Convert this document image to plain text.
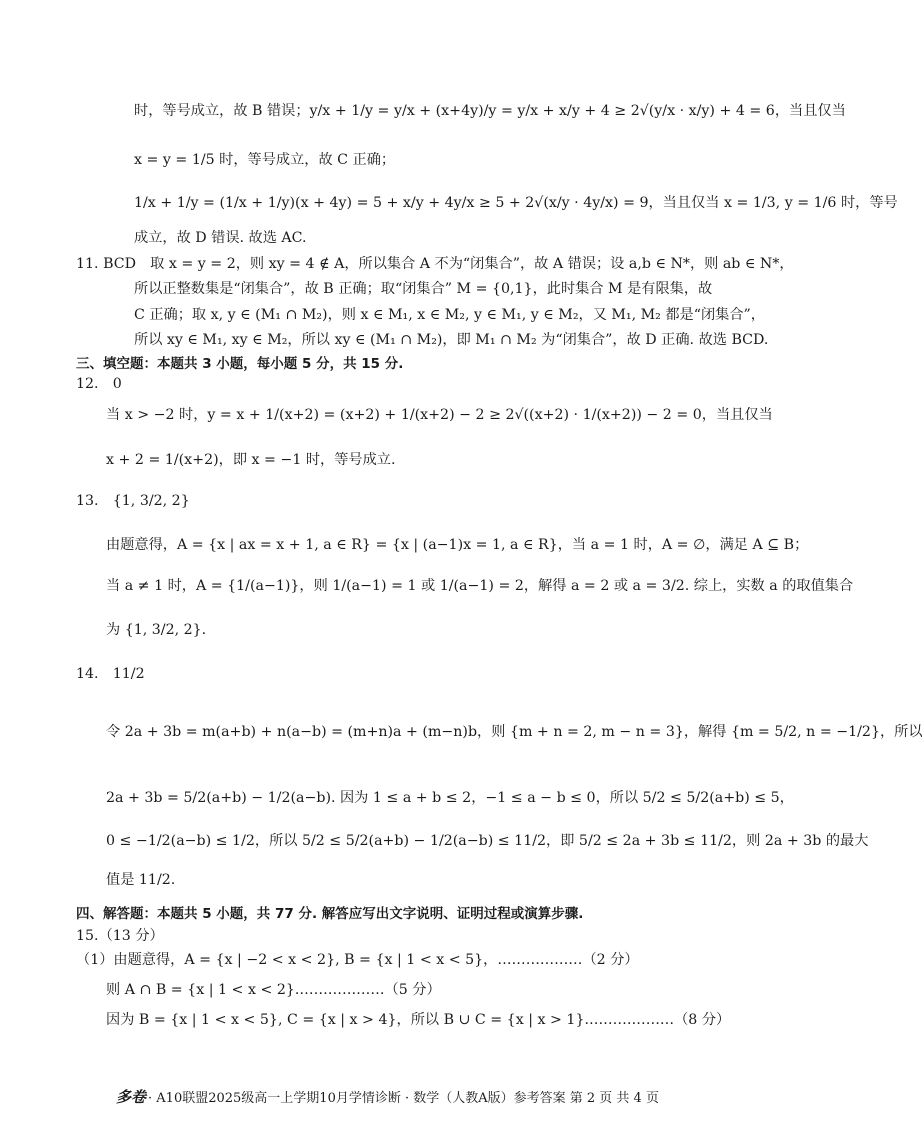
时，等号成立，故 B 错误；y/x + 1/y = y/x + (x+4y)/y = y/x + x/y + 4 ≥ 2√(y/x · x/y) + 4 = 6，当且仅当
x = y = 1/5 时，等号成立，故 C 正确；
1/x + 1/y = (1/x + 1/y)(x + 4y) = 5 + x/y + 4y/x ≥ 5 + 2√(x/y · 4y/x) = 9，当且仅当 x = 1/3, y = 1/6 时，等号
成立，故 D 错误. 故选 AC.
11. BCD　取 x = y = 2，则 xy = 4 ∉ A，所以集合 A 不为“闭集合”，故 A 错误；设 a,b ∈ N*，则 ab ∈ N*，
所以正整数集是“闭集合”，故 B 正确；取“闭集合” M = {0,1}，此时集合 M 是有限集，故
C 正确；取 x, y ∈ (M₁ ∩ M₂)，则 x ∈ M₁, x ∈ M₂, y ∈ M₁, y ∈ M₂，又 M₁, M₂ 都是“闭集合”，
所以 xy ∈ M₁, xy ∈ M₂，所以 xy ∈ (M₁ ∩ M₂)，即 M₁ ∩ M₂ 为“闭集合”，故 D 正确. 故选 BCD.
三、填空题：本题共 3 小题，每小题 5 分，共 15 分.
12.　0
当 x > −2 时，y = x + 1/(x+2) = (x+2) + 1/(x+2) − 2 ≥ 2√((x+2) · 1/(x+2)) − 2 = 0，当且仅当
x + 2 = 1/(x+2)，即 x = −1 时，等号成立.
13.　{1, 3/2, 2}
由题意得，A = {x | ax = x + 1, a ∈ R} = {x | (a−1)x = 1, a ∈ R}，当 a = 1 时，A = ∅，满足 A ⊆ B；
当 a ≠ 1 时，A = {1/(a−1)}，则 1/(a−1) = 1 或 1/(a−1) = 2，解得 a = 2 或 a = 3/2. 综上，实数 a 的取值集合
为 {1, 3/2, 2}.
14.　11/2
令 2a + 3b = m(a+b) + n(a−b) = (m+n)a + (m−n)b，则 {m + n = 2, m − n = 3}，解得 {m = 5/2, n = −1/2}，所以
2a + 3b = 5/2(a+b) − 1/2(a−b). 因为 1 ≤ a + b ≤ 2，−1 ≤ a − b ≤ 0，所以 5/2 ≤ 5/2(a+b) ≤ 5，
0 ≤ −1/2(a−b) ≤ 1/2，所以 5/2 ≤ 5/2(a+b) − 1/2(a−b) ≤ 11/2，即 5/2 ≤ 2a + 3b ≤ 11/2，则 2a + 3b 的最大
值是 11/2.
四、解答题：本题共 5 小题，共 77 分. 解答应写出文字说明、证明过程或演算步骤.
15.（13 分）
（1）由题意得，A = {x | −2 < x < 2}, B = {x | 1 < x < 5}，………………（2 分）
则 A ∩ B = {x | 1 < x < 2}.………………（5 分）
因为 B = {x | 1 < x < 5}, C = {x | x > 4}，所以 B ∪ C = {x | x > 1}.………………（8 分）
多卷 · A10联盟2025级高一上学期10月学情诊断 · 数学（人教A版）参考答案 第 2 页 共 4 页
